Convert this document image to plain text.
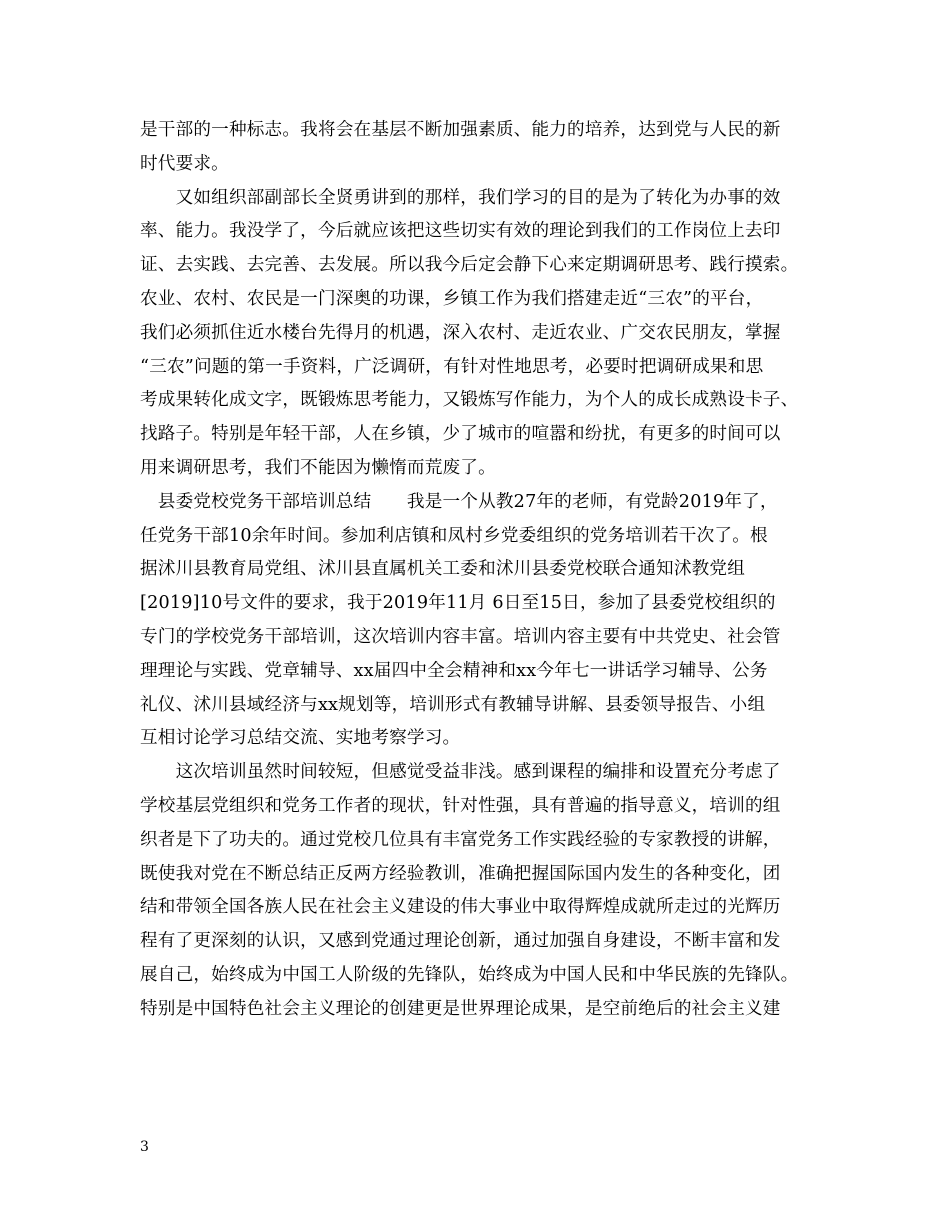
是干部的一种标志。我将会在基层不断加强素质、能力的培养，达到党与人民的新
时代要求。
　　又如组织部副部长全贤勇讲到的那样，我们学习的目的是为了转化为办事的效
率、能力。我没学了，今后就应该把这些切实有效的理论到我们的工作岗位上去印
证、去实践、去完善、去发展。所以我今后定会静下心来定期调研思考、践行摸索。
农业、农村、农民是一门深奥的功课，乡镇工作为我们搭建走近“三农”的平台，
我们必须抓住近水楼台先得月的机遇，深入农村、走近农业、广交农民朋友，掌握
“三农”问题的第一手资料，广泛调研，有针对性地思考，必要时把调研成果和思
考成果转化成文字，既锻炼思考能力，又锻炼写作能力，为个人的成长成熟设卡子、
找路子。特别是年轻干部，人在乡镇，少了城市的喧嚣和纷扰，有更多的时间可以
用来调研思考，我们不能因为懒惰而荒废了。
　县委党校党务干部培训总结　　我是一个从教27年的老师，有党龄2019年了，
任党务干部10余年时间。参加利店镇和凤村乡党委组织的党务培训若干次了。根
据沭川县教育局党组、沭川县直属机关工委和沭川县委党校联合通知沭教党组
[2019]10号文件的要求，我于2019年11月 6日至15日，参加了县委党校组织的
专门的学校党务干部培训，这次培训内容丰富。培训内容主要有中共党史、社会管
理理论与实践、党章辅导、xx届四中全会精神和xx今年七一讲话学习辅导、公务
礼仪、沭川县域经济与xx规划等，培训形式有教辅导讲解、县委领导报告、小组
互相讨论学习总结交流、实地考察学习。
　　这次培训虽然时间较短，但感觉受益非浅。感到课程的编排和设置充分考虑了
学校基层党组织和党务工作者的现状，针对性强，具有普遍的指导意义，培训的组
织者是下了功夫的。通过党校几位具有丰富党务工作实践经验的专家教授的讲解，
既使我对党在不断总结正反两方经验教训，准确把握国际国内发生的各种变化，团
结和带领全国各族人民在社会主义建设的伟大事业中取得辉煌成就所走过的光辉历
程有了更深刻的认识，又感到党通过理论创新，通过加强自身建设，不断丰富和发
展自己，始终成为中国工人阶级的先锋队，始终成为中国人民和中华民族的先锋队。
特别是中国特色社会主义理论的创建更是世界理论成果，是空前绝后的社会主义建
3
